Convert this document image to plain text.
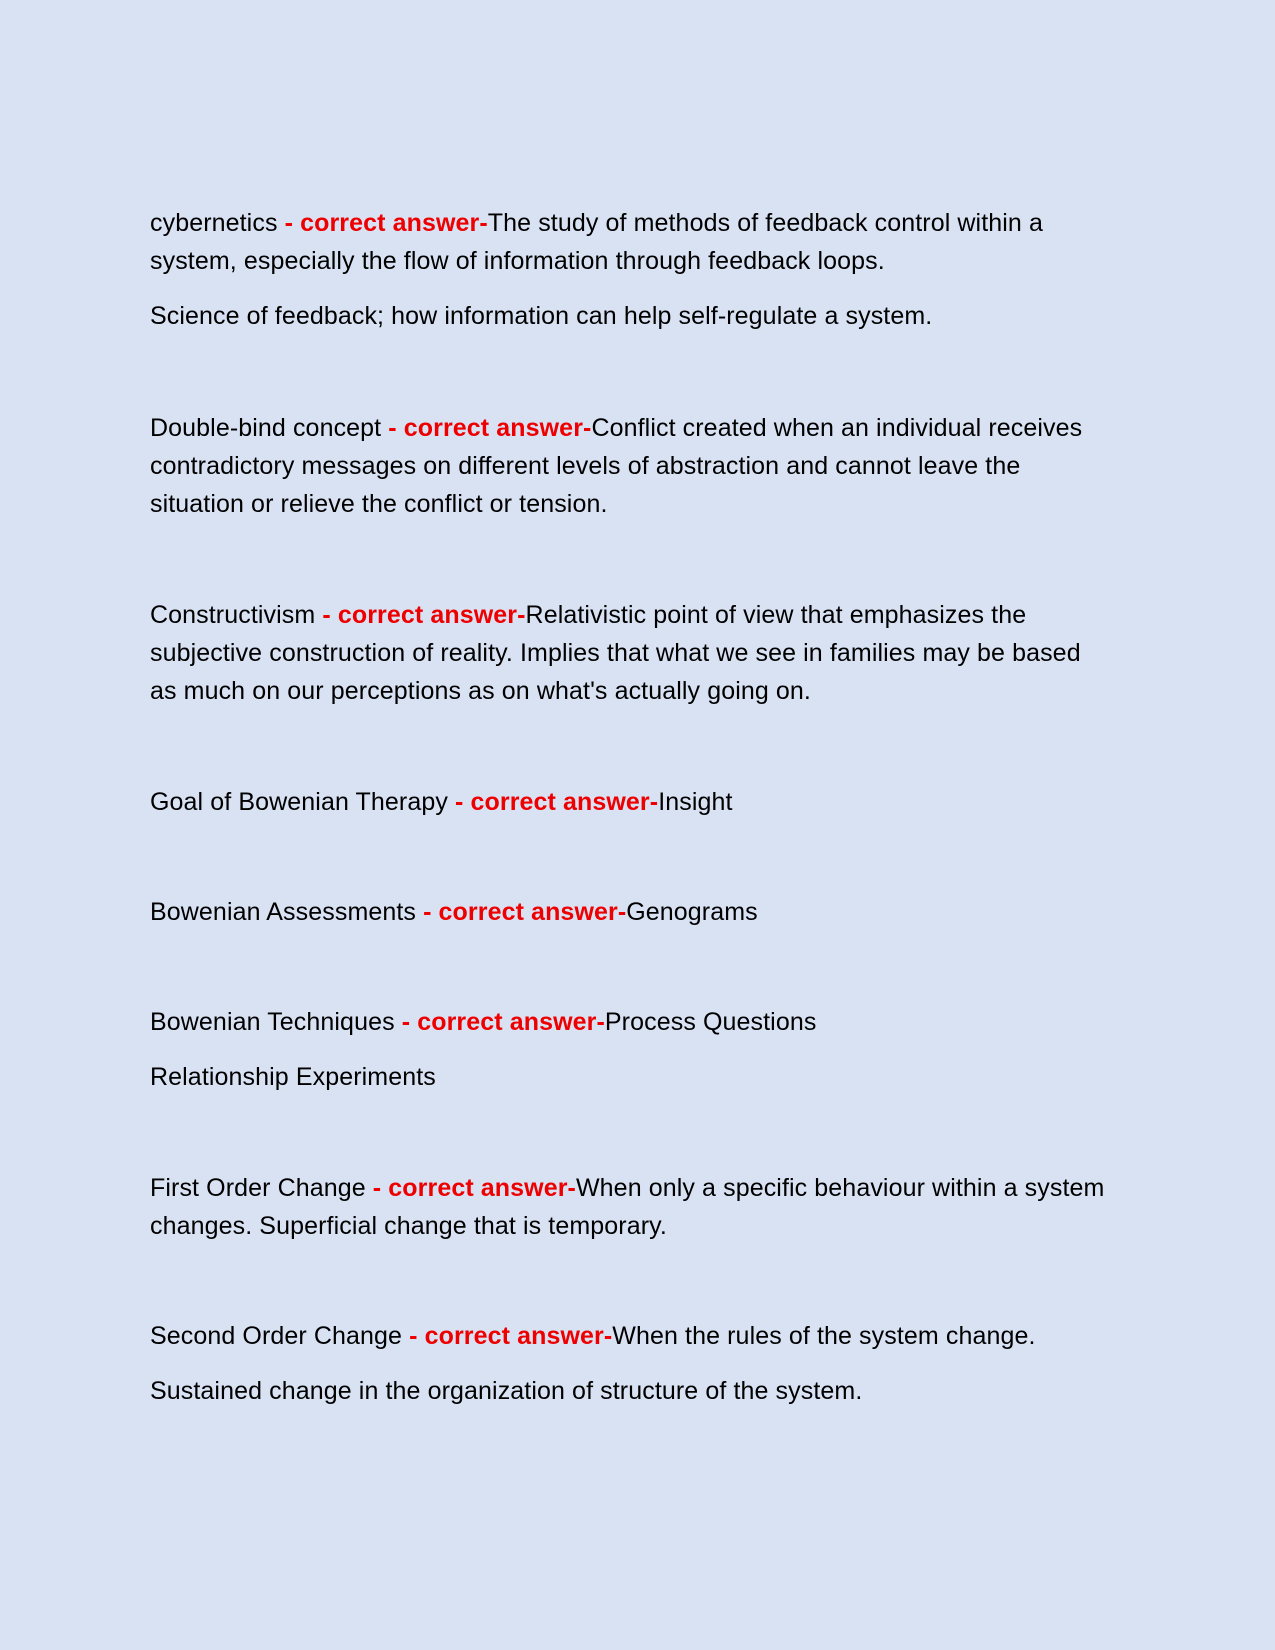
cybernetics - correct answer-The study of methods of feedback control within a system, especially the flow of information through feedback loops.

Science of feedback; how information can help self-regulate a system.

Double-bind concept - correct answer-Conflict created when an individual receives contradictory messages on different levels of abstraction and cannot leave the situation or relieve the conflict or tension.

Constructivism - correct answer-Relativistic point of view that emphasizes the subjective construction of reality. Implies that what we see in families may be based as much on our perceptions as on what's actually going on.

Goal of Bowenian Therapy - correct answer-Insight

Bowenian Assessments - correct answer-Genograms

Bowenian Techniques - correct answer-Process Questions

Relationship Experiments

First Order Change - correct answer-When only a specific behaviour within a system changes. Superficial change that is temporary.

Second Order Change - correct answer-When the rules of the system change.

Sustained change in the organization of structure of the system.
